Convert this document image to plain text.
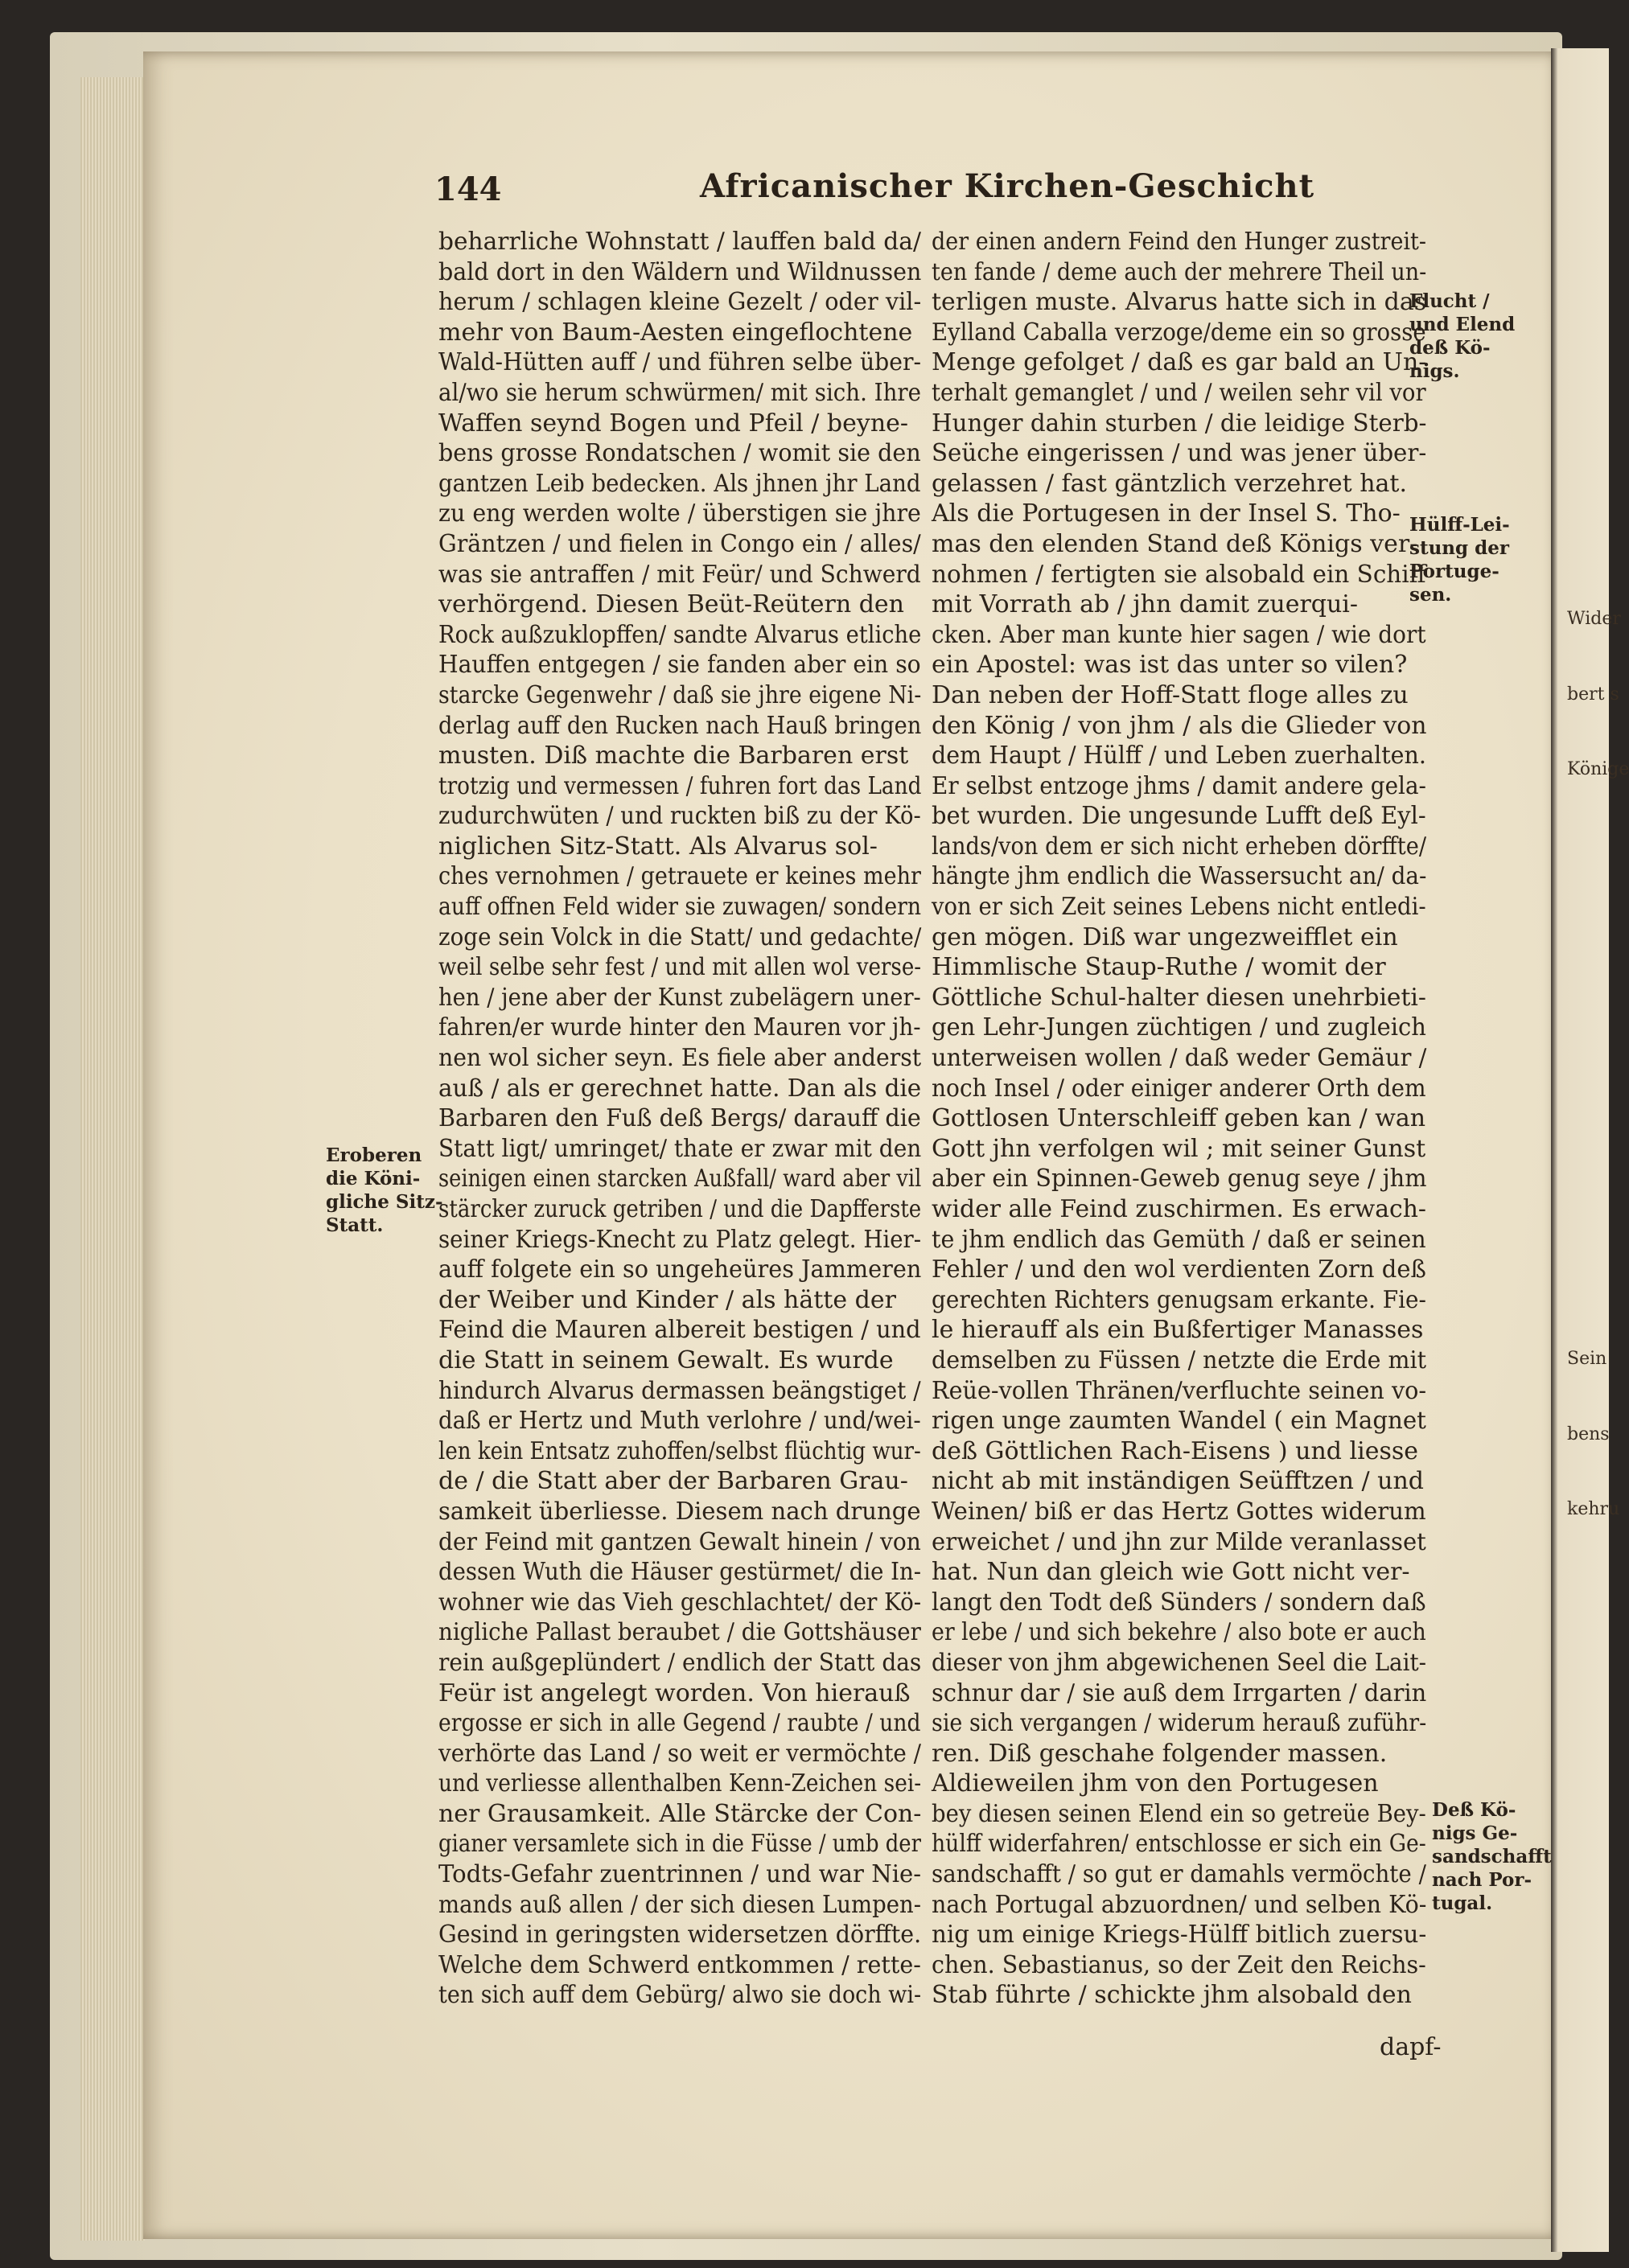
Wider

bert s

Könige

Sein

bens

kehru

144	Africanischer Kirchen-Geschicht
beharrliche Wohnstatt / lauffen bald da/
bald dort in den Wäldern und Wildnussen
herum / schlagen kleine Gezelt / oder vil-
mehr von Baum-Aesten eingeflochtene
Wald-Hütten auff / und führen selbe über-
al/wo sie herum schwürmen/ mit sich. Ihre
Waffen seynd Bogen und Pfeil / beyne-
bens grosse Rondatschen / womit sie den
gantzen Leib bedecken. Als jhnen jhr Land
zu eng werden wolte / überstigen sie jhre
Gräntzen / und fielen in Congo ein / alles/
was sie antraffen / mit Feür/ und Schwerd
verhörgend. Diesen Beüt-Reütern den
Rock außzuklopffen/ sandte Alvarus etliche
Hauffen entgegen / sie fanden aber ein so
starcke Gegenwehr / daß sie jhre eigene Ni-
derlag auff den Rucken nach Hauß bringen
musten. Diß machte die Barbaren erst
trotzig und vermessen / fuhren fort das Land
zudurchwüten / und ruckten biß zu der Kö-
niglichen Sitz-Statt. Als Alvarus sol-
ches vernohmen / getrauete er keines mehr
auff offnen Feld wider sie zuwagen/ sondern
zoge sein Volck in die Statt/ und gedachte/
weil selbe sehr fest / und mit allen wol verse-
hen / jene aber der Kunst zubelägern uner-
fahren/er wurde hinter den Mauren vor jh-
nen wol sicher seyn. Es fiele aber anderst
auß / als er gerechnet hatte. Dan als die
Barbaren den Fuß deß Bergs/ darauff die
Statt ligt/ umringet/ thate er zwar mit den
seinigen einen starcken Außfall/ ward aber vil
stärcker zuruck getriben / und die Dapfferste
seiner Kriegs-Knecht zu Platz gelegt. Hier-
auff folgete ein so ungeheüres Jammeren
der Weiber und Kinder / als hätte der
Feind die Mauren albereit bestigen / und
die Statt in seinem Gewalt. Es wurde
hindurch Alvarus dermassen beängstiget /
daß er Hertz und Muth verlohre / und/wei-
len kein Entsatz zuhoffen/selbst flüchtig wur-
de / die Statt aber der Barbaren Grau-
samkeit überliesse. Diesem nach drunge
der Feind mit gantzen Gewalt hinein / von
dessen Wuth die Häuser gestürmet/ die In-
wohner wie das Vieh geschlachtet/ der Kö-
nigliche Pallast beraubet / die Gottshäuser
rein außgeplündert / endlich der Statt das
Feür ist angelegt worden. Von hierauß
ergosse er sich in alle Gegend / raubte / und
verhörte das Land / so weit er vermöchte /
und verliesse allenthalben Kenn-Zeichen sei-
ner Grausamkeit. Alle Stärcke der Con-
gianer versamlete sich in die Füsse / umb der
Todts-Gefahr zuentrinnen / und war Nie-
mands auß allen / der sich diesen Lumpen-
Gesind in geringsten widersetzen dörffte.
Welche dem Schwerd entkommen / rette-
ten sich auff dem Gebürg/ alwo sie doch wi-
der einen andern Feind den Hunger zustreit-
ten fande / deme auch der mehrere Theil un-
terligen muste. Alvarus hatte sich in das
Eylland Caballa verzoge/deme ein so grosse
Menge gefolget / daß es gar bald an Un-
terhalt gemanglet / und / weilen sehr vil vor
Hunger dahin sturben / die leidige Sterb-
Seüche eingerissen / und was jener über-
gelassen / fast gäntzlich verzehret hat.
Als die Portugesen in der Insel S. Tho-
mas den elenden Stand deß Königs ver-
nohmen / fertigten sie alsobald ein Schiff
mit Vorrath ab / jhn damit zuerqui-
cken. Aber man kunte hier sagen / wie dort
ein Apostel: was ist das unter so vilen?
Dan neben der Hoff-Statt floge alles zu
den König / von jhm / als die Glieder von
dem Haupt / Hülff / und Leben zuerhalten.
Er selbst entzoge jhms / damit andere gela-
bet wurden. Die ungesunde Lufft deß Eyl-
lands/von dem er sich nicht erheben dörffte/
hängte jhm endlich die Wassersucht an/ da-
von er sich Zeit seines Lebens nicht entledi-
gen mögen. Diß war ungezweifflet ein
Himmlische Staup-Ruthe / womit der
Göttliche Schul-halter diesen unehrbieti-
gen Lehr-Jungen züchtigen / und zugleich
unterweisen wollen / daß weder Gemäur /
noch Insel / oder einiger anderer Orth dem
Gottlosen Unterschleiff geben kan / wan
Gott jhn verfolgen wil ; mit seiner Gunst
aber ein Spinnen-Geweb genug seye / jhm
wider alle Feind zuschirmen. Es erwach-
te jhm endlich das Gemüth / daß er seinen
Fehler / und den wol verdienten Zorn deß
gerechten Richters genugsam erkante. Fie-
le hierauff als ein Bußfertiger Manasses
demselben zu Füssen / netzte die Erde mit
Reüe-vollen Thränen/verfluchte seinen vo-
rigen unge zaumten Wandel ( ein Magnet
deß Göttlichen Rach-Eisens ) und liesse
nicht ab mit inständigen Seüfftzen / und
Weinen/ biß er das Hertz Gottes widerum
erweichet / und jhn zur Milde veranlasset
hat. Nun dan gleich wie Gott nicht ver-
langt den Todt deß Sünders / sondern daß
er lebe / und sich bekehre / also bote er auch
dieser von jhm abgewichenen Seel die Lait-
schnur dar / sie auß dem Irrgarten / darin
sie sich vergangen / widerum herauß zuführ-
ren. Diß geschahe folgender massen.
Aldieweilen jhm von den Portugesen
bey diesen seinen Elend ein so getreüe Bey-
hülff widerfahren/ entschlosse er sich ein Ge-
sandschafft / so gut er damahls vermöchte /
nach Portugal abzuordnen/ und selben Kö-
nig um einige Kriegs-Hülff bitlich zuersu-
chen. Sebastianus, so der Zeit den Reichs-
Stab führte / schickte jhm alsobald den
Eroberen
die Köni-
gliche Sitz-
Statt.
Flucht /
und Elend
deß Kö-
nigs.
Hülff-Lei-
stung der
Portuge-
sen.
Deß Kö-
nigs Ge-
sandschafft
nach Por-
tugal.
dapf-
